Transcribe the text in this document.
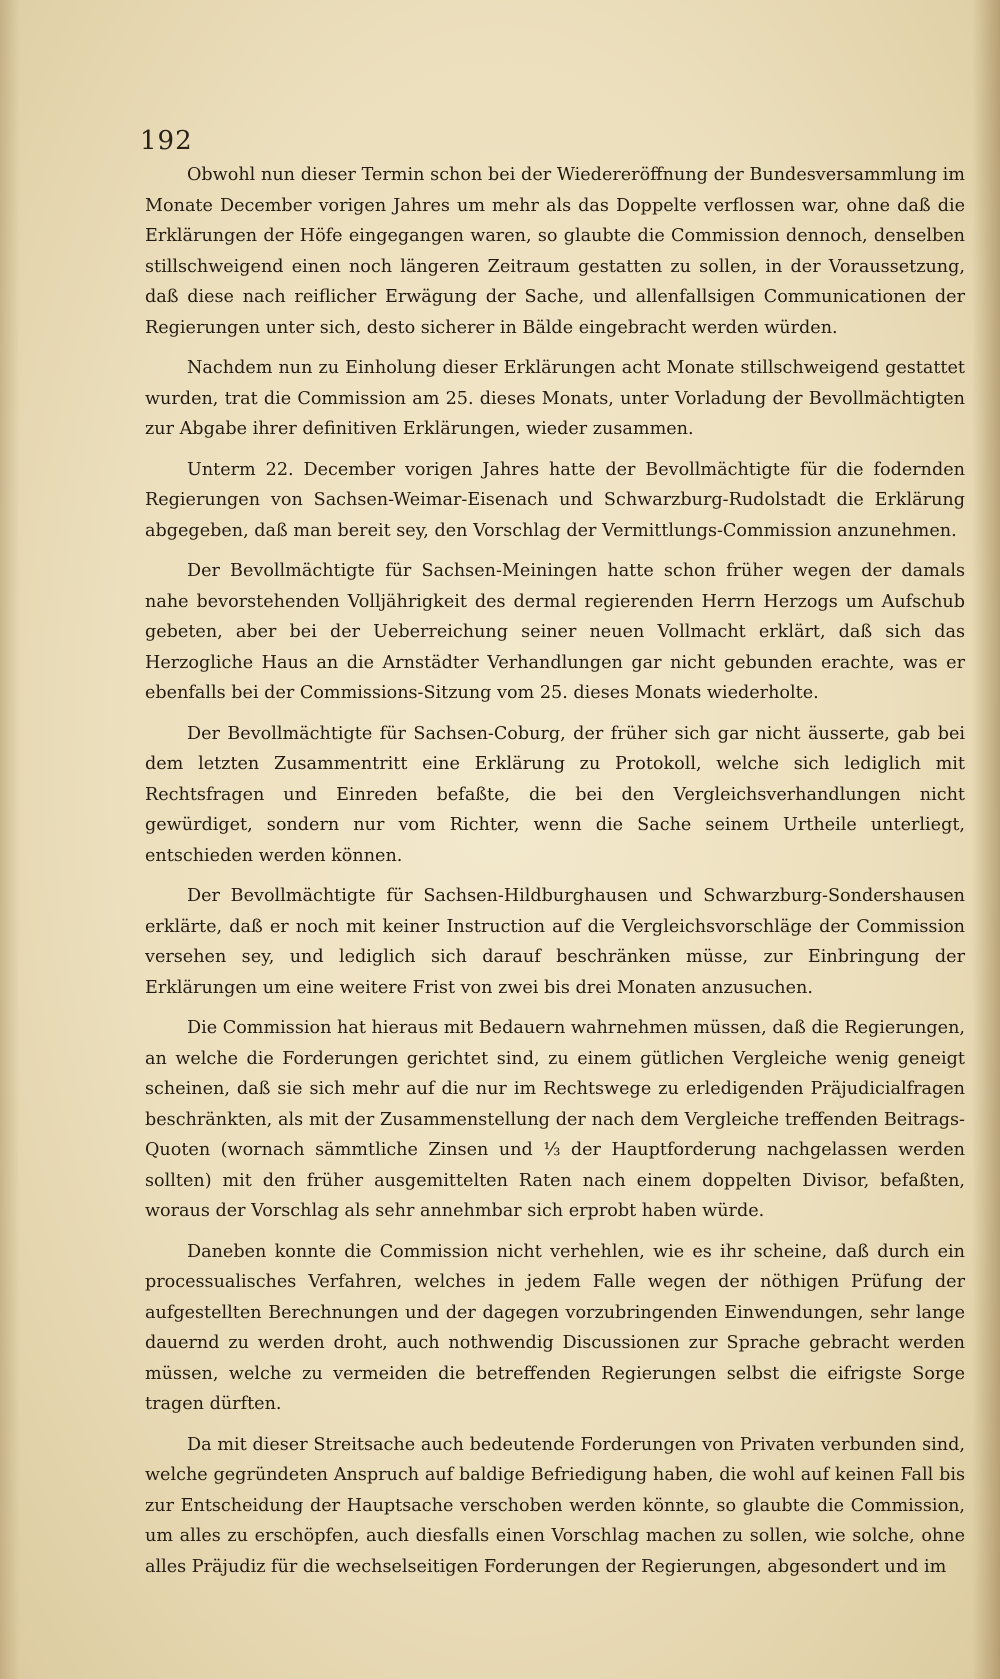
192

Obwohl nun dieser Termin schon bei der Wiedereröffnung der Bundesversammlung im Monate December vorigen Jahres um mehr als das Doppelte verflossen war, ohne daß die Erklärungen der Höfe eingegangen waren, so glaubte die Commission dennoch, denselben stillschweigend einen noch längeren Zeitraum gestatten zu sollen, in der Voraussetzung, daß diese nach reiflicher Erwägung der Sache, und allenfallsigen Communicationen der Regierungen unter sich, desto sicherer in Bälde eingebracht werden würden.

Nachdem nun zu Einholung dieser Erklärungen acht Monate stillschweigend gestattet wurden, trat die Commission am 25. dieses Monats, unter Vorladung der Bevollmächtigten zur Abgabe ihrer definitiven Erklärungen, wieder zusammen.

Unterm 22. December vorigen Jahres hatte der Bevollmächtigte für die fodernden Regierungen von Sachsen-Weimar-Eisenach und Schwarzburg-Rudolstadt die Erklärung abgegeben, daß man bereit sey, den Vorschlag der Vermittlungs-Commission anzunehmen.

Der Bevollmächtigte für Sachsen-Meiningen hatte schon früher wegen der damals nahe bevorstehenden Volljährigkeit des dermal regierenden Herrn Herzogs um Aufschub gebeten, aber bei der Ueberreichung seiner neuen Vollmacht erklärt, daß sich das Herzogliche Haus an die Arnstädter Verhandlungen gar nicht gebunden erachte, was er ebenfalls bei der Commissions-Sitzung vom 25. dieses Monats wiederholte.

Der Bevollmächtigte für Sachsen-Coburg, der früher sich gar nicht äusserte, gab bei dem letzten Zusammentritt eine Erklärung zu Protokoll, welche sich lediglich mit Rechtsfragen und Einreden befaßte, die bei den Vergleichsverhandlungen nicht gewürdiget, sondern nur vom Richter, wenn die Sache seinem Urtheile unterliegt, entschieden werden können.

Der Bevollmächtigte für Sachsen-Hildburghausen und Schwarzburg-Sondershausen erklärte, daß er noch mit keiner Instruction auf die Vergleichsvorschläge der Commission versehen sey, und lediglich sich darauf beschränken müsse, zur Einbringung der Erklärungen um eine weitere Frist von zwei bis drei Monaten anzusuchen.

Die Commission hat hieraus mit Bedauern wahrnehmen müssen, daß die Regierungen, an welche die Forderungen gerichtet sind, zu einem gütlichen Vergleiche wenig geneigt scheinen, daß sie sich mehr auf die nur im Rechtswege zu erledigenden Präjudicialfragen beschränkten, als mit der Zusammenstellung der nach dem Vergleiche treffenden Beitrags-Quoten (wornach sämmtliche Zinsen und ⅓ der Hauptforderung nachgelassen werden sollten) mit den früher ausgemittelten Raten nach einem doppelten Divisor, befaßten, woraus der Vorschlag als sehr annehmbar sich erprobt haben würde.

Daneben konnte die Commission nicht verhehlen, wie es ihr scheine, daß durch ein processualisches Verfahren, welches in jedem Falle wegen der nöthigen Prüfung der aufgestellten Berechnungen und der dagegen vorzubringenden Einwendungen, sehr lange dauernd zu werden droht, auch nothwendig Discussionen zur Sprache gebracht werden müssen, welche zu vermeiden die betreffenden Regierungen selbst die eifrigste Sorge tragen dürften.

Da mit dieser Streitsache auch bedeutende Forderungen von Privaten verbunden sind, welche gegründeten Anspruch auf baldige Befriedigung haben, die wohl auf keinen Fall bis zur Entscheidung der Hauptsache verschoben werden könnte, so glaubte die Commission, um alles zu erschöpfen, auch diesfalls einen Vorschlag machen zu sollen, wie solche, ohne alles Präjudiz für die wechselseitigen Forderungen der Regierungen, abgesondert und im
